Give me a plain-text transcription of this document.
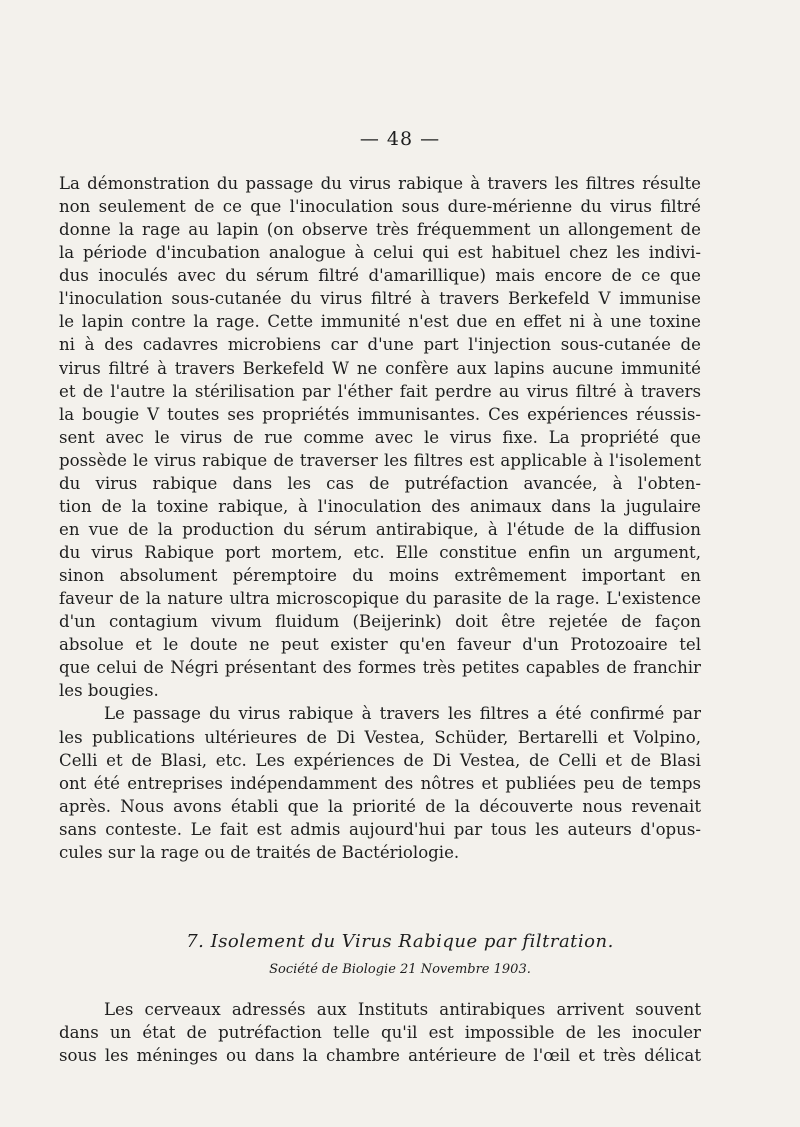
— 48 —
La démonstration du passage du virus rabique à travers les filtres résulte
non seulement de ce que l'inoculation sous dure-mérienne du virus filtré
donne la rage au lapin (on observe très fréquemment un allongement de
la période d'incubation analogue à celui qui est habituel chez les indivi-
dus inoculés avec du sérum filtré d'amarillique) mais encore de ce que
l'inoculation sous-cutanée du virus filtré à travers Berkefeld V immunise
le lapin contre la rage. Cette immunité n'est due en effet ni à une toxine
ni à des cadavres microbiens car d'une part l'injection sous-cutanée de
virus filtré à travers Berkefeld W ne confère aux lapins aucune immunité
et de l'autre la stérilisation par l'éther fait perdre au virus filtré à travers
la bougie V toutes ses propriétés immunisantes. Ces expériences réussis-
sent avec le virus de rue comme avec le virus fixe. La propriété que
possède le virus rabique de traverser les filtres est applicable à l'isolement
du virus rabique dans les cas de putréfaction avancée, à l'obten-
tion de la toxine rabique, à l'inoculation des animaux dans la jugulaire
en vue de la production du sérum antirabique, à l'étude de la diffusion
du virus Rabique port mortem, etc. Elle constitue enfin un argument,
sinon absolument péremptoire du moins extrêmement important en
faveur de la nature ultra microscopique du parasite de la rage. L'existence
d'un contagium vivum fluidum (Beijerink) doit être rejetée de façon
absolue et le doute ne peut exister qu'en faveur d'un Protozoaire tel
que celui de Négri présentant des formes très petites capables de franchir
les bougies.
Le passage du virus rabique à travers les filtres a été confirmé par
les publications ultérieures de Di Vestea, Schüder, Bertarelli et Volpino,
Celli et de Blasi, etc. Les expériences de Di Vestea, de Celli et de Blasi
ont été entreprises indépendamment des nôtres et publiées peu de temps
après. Nous avons établi que la priorité de la découverte nous revenait
sans conteste. Le fait est admis aujourd'hui par tous les auteurs d'opus-
cules sur la rage ou de traités de Bactériologie.
7. Isolement du Virus Rabique par filtration.
Société de Biologie 21 Novembre 1903.
Les cerveaux adressés aux Instituts antirabiques arrivent souvent
dans un état de putréfaction telle qu'il est impossible de les inoculer
sous les méninges ou dans la chambre antérieure de l'œil et très délicat
